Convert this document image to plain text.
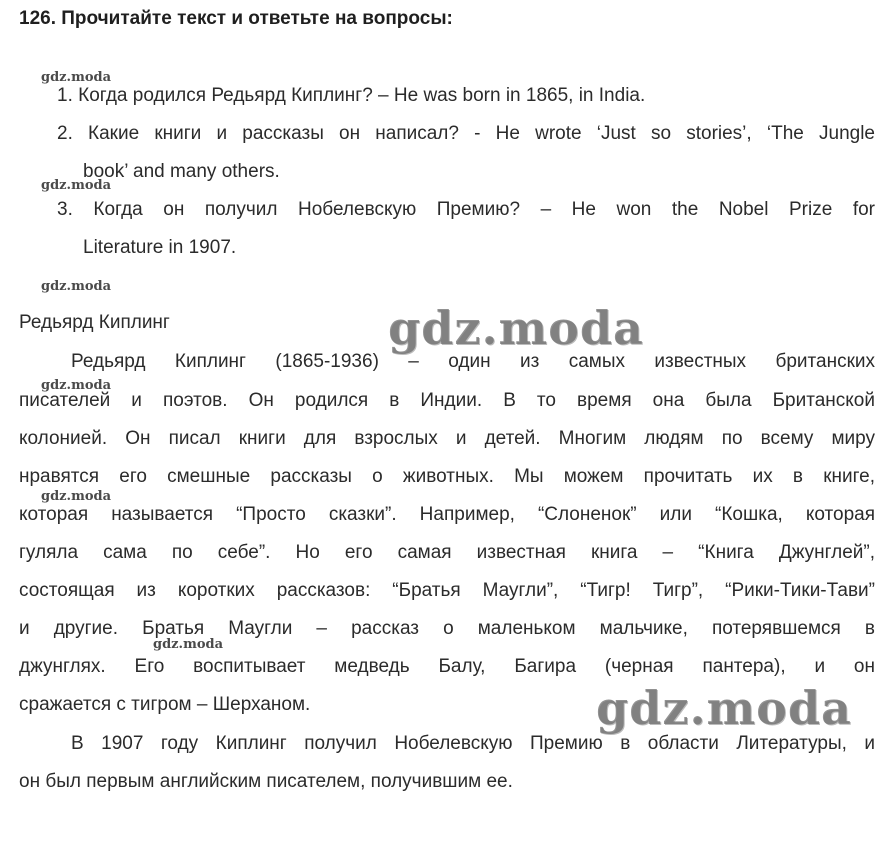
126. Прочитайте текст и ответьте на вопросы:
1. Когда родился Редьярд Киплинг? – He was born in 1865, in India.
2. Какие книги и рассказы он написал? - He wrote ‘Just so stories’, ‘The Jungle
book’ and many others.
3. Когда он получил Нобелевскую Премию? – He won the Nobel Prize for
Literature in 1907.
Редьярд Киплинг
Редьярд Киплинг (1865-1936) – один из самых известных британских
писателей и поэтов. Он родился в Индии. В то время она была Британской
колонией. Он писал книги для взрослых и детей. Многим людям по всему миру
нравятся его смешные рассказы о животных. Мы можем прочитать их в книге,
которая называется “Просто сказки”. Например, “Слоненок” или “Кошка, которая
гуляла сама по себе”. Но его самая известная книга – “Книга Джунглей”,
состоящая из коротких рассказов: “Братья Маугли”, “Тигр! Тигр”, “Рики-Тики-Тави”
и другие. Братья Маугли – рассказ о маленьком мальчике, потерявшемся в
джунглях. Его воспитывает медведь Балу, Багира (черная пантера), и он
сражается с тигром – Шерханом.
В 1907 году Киплинг получил Нобелевскую Премию в области Литературы, и
он был первым английским писателем, получившим ее.
gdz.moda
gdz.moda
gdz.moda
gdz.moda
gdz.moda
gdz.moda
gdz.moda
gdz.moda
